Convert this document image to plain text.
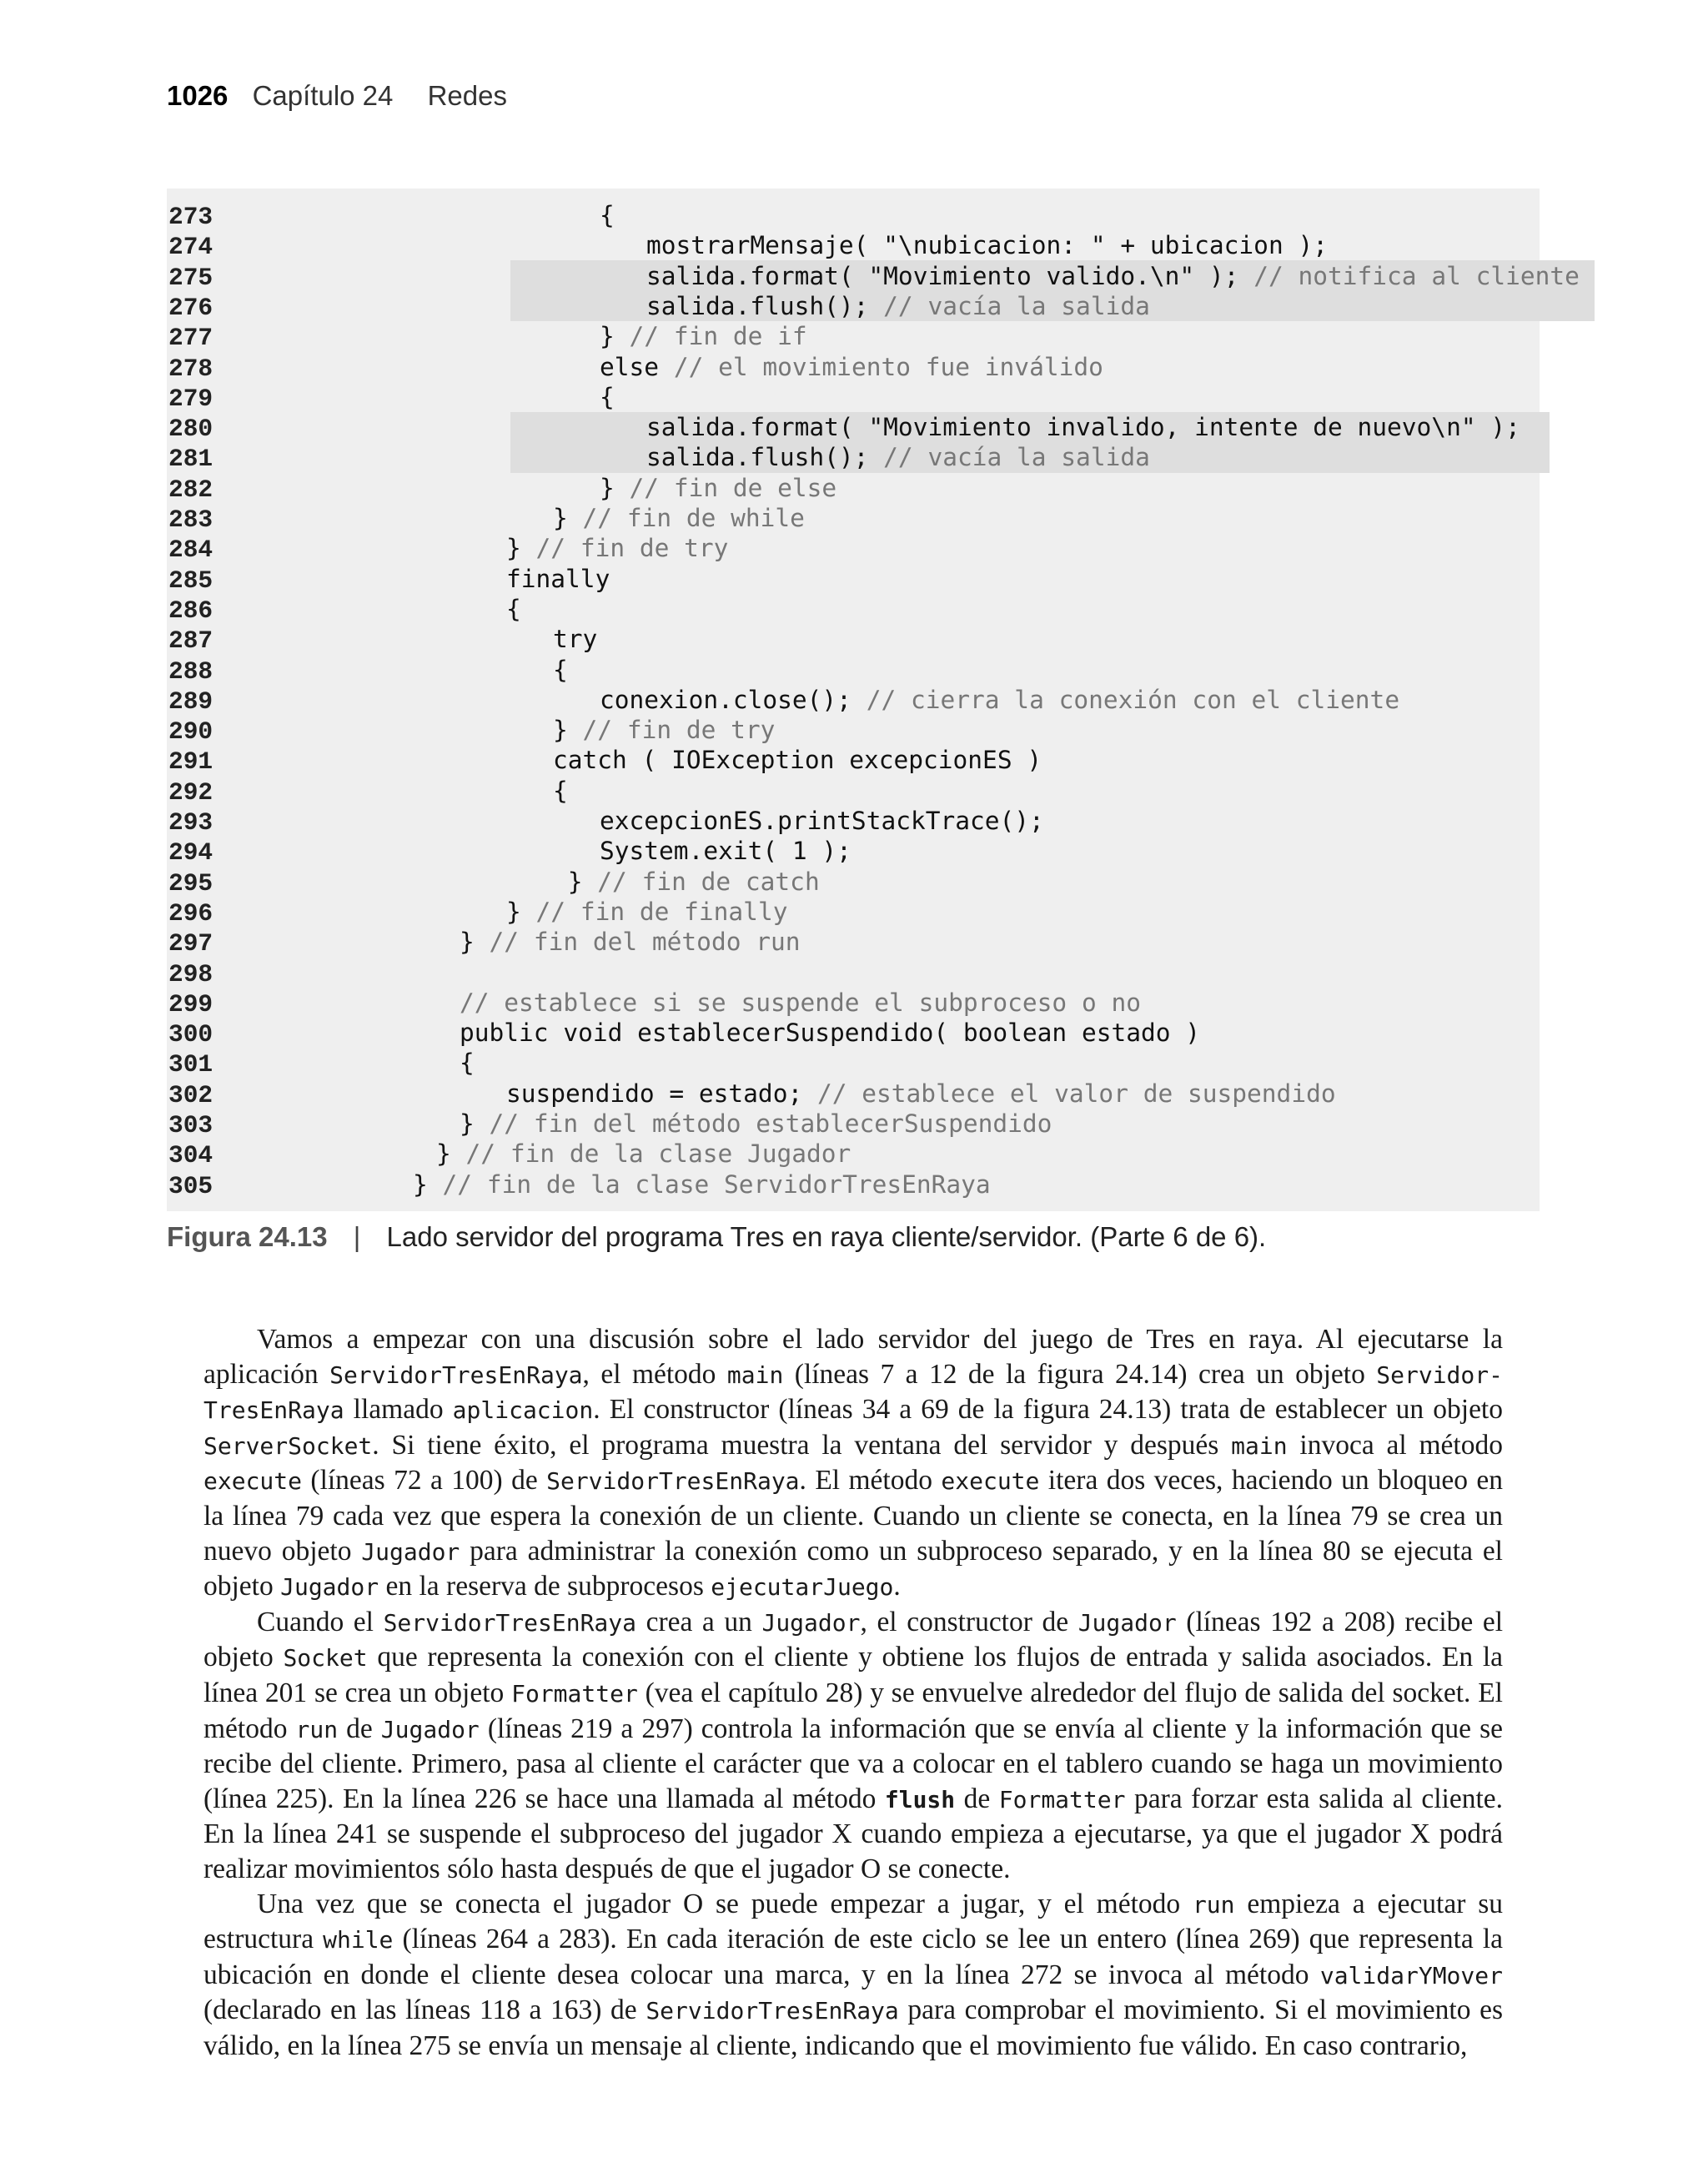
1026 Capítulo 24 Redes
273	{
274	mostrarMensaje( "\nubicacion: " + ubicacion );
275	salida.format( "Movimiento valido.\n" ); // notifica al cliente
276	salida.flush(); // vacía la salida
277	} // fin de if
278	else // el movimiento fue inválido
279	{
280	salida.format( "Movimiento invalido, intente de nuevo\n" );
281	salida.flush(); // vacía la salida
282	} // fin de else
283	} // fin de while
284	} // fin de try
285	finally
286	{
287	try
288	{
289	conexion.close(); // cierra la conexión con el cliente
290	} // fin de try
291	catch ( IOException excepcionES )
292	{
293	excepcionES.printStackTrace();
294	System.exit( 1 );
295	} // fin de catch
296	} // fin de finally
297	} // fin del método run
298
299	// establece si se suspende el subproceso o no
300	public void establecerSuspendido( boolean estado )
301	{
302	suspendido = estado; // establece el valor de suspendido
303	} // fin del método establecerSuspendido
304	} // fin de la clase Jugador
305	} // fin de la clase ServidorTresEnRaya
Figura 24.13 | Lado servidor del programa Tres en raya cliente/servidor. (Parte 6 de 6).

Vamos a empezar con una discusión sobre el lado servidor del juego de Tres en raya. Al ejecutarse la aplicación ServidorTresEnRaya, el método main (líneas 7 a 12 de la figura 24.14) crea un objeto Servidor-TresEnRaya llamado aplicacion. El constructor (líneas 34 a 69 de la figura 24.13) trata de establecer un objeto ServerSocket. Si tiene éxito, el programa muestra la ventana del servidor y después main invoca al método execute (líneas 72 a 100) de ServidorTresEnRaya. El método execute itera dos veces, haciendo un bloqueo en la línea 79 cada vez que espera la conexión de un cliente. Cuando un cliente se conecta, en la línea 79 se crea un nuevo objeto Jugador para administrar la conexión como un subproceso separado, y en la línea 80 se ejecuta el objeto Jugador en la reserva de subprocesos ejecutarJuego.

Cuando el ServidorTresEnRaya crea a un Jugador, el constructor de Jugador (líneas 192 a 208) recibe el objeto Socket que representa la conexión con el cliente y obtiene los flujos de entrada y salida asociados. En la línea 201 se crea un objeto Formatter (vea el capítulo 28) y se envuelve alrededor del flujo de salida del socket. El método run de Jugador (líneas 219 a 297) controla la información que se envía al cliente y la información que se recibe del cliente. Primero, pasa al cliente el carácter que va a colocar en el tablero cuando se haga un movimiento (línea 225). En la línea 226 se hace una llamada al método flush de Formatter para forzar esta salida al cliente. En la línea 241 se suspende el subproceso del jugador X cuando empieza a ejecutarse, ya que el jugador X podrá realizar movimientos sólo hasta después de que el jugador O se conecte.

Una vez que se conecta el jugador O se puede empezar a jugar, y el método run empieza a ejecutar su estructura while (líneas 264 a 283). En cada iteración de este ciclo se lee un entero (línea 269) que representa la ubicación en donde el cliente desea colocar una marca, y en la línea 272 se invoca al método validarYMover (declarado en las líneas 118 a 163) de ServidorTresEnRaya para comprobar el movimiento. Si el movimiento es válido, en la línea 275 se envía un mensaje al cliente, indicando que el movimiento fue válido. En caso contrario,
